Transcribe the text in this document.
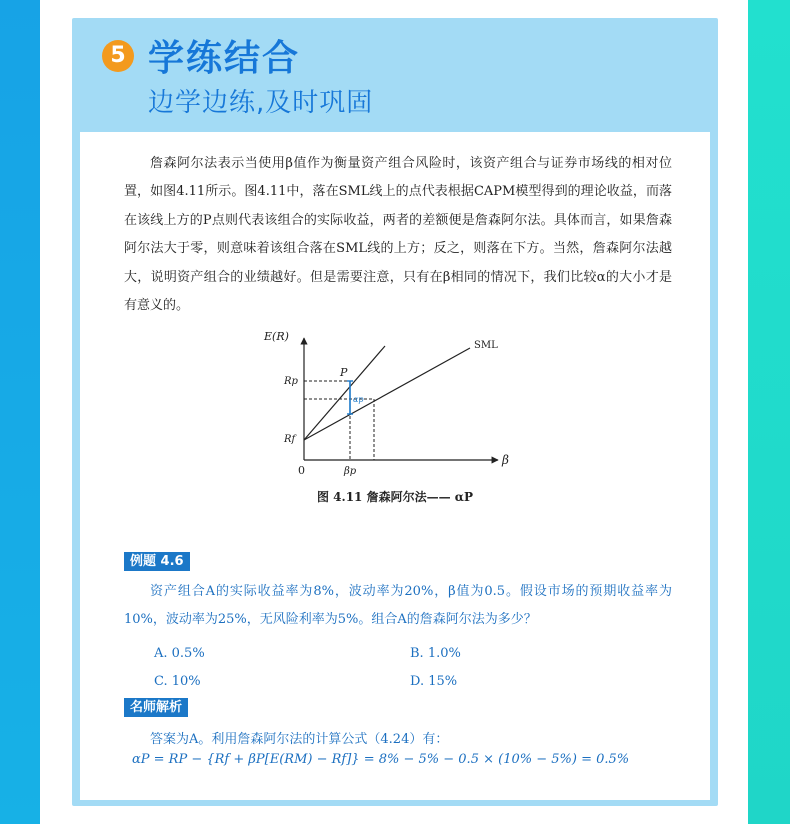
5 学练结合
边学边练,及时巩固

詹森阿尔法表示当使用β值作为衡量资产组合风险时，该资产组合与证券市场线的相对位置，如图4.11所示。图4.11中，落在SML线上的点代表根据CAPM模型得到的理论收益，而落在该线上方的P点则代表该组合的实际收益，两者的差额便是詹森阿尔法。具体而言，如果詹森阿尔法大于零，则意味着该组合落在SML线的上方；反之，则落在下方。当然，詹森阿尔法越大，说明资产组合的业绩越好。但是需要注意，只有在β相同的情况下，我们比较α的大小才是有意义的。

E(R)
β
0
SML
P
Rp
Rf
βp
αp
图 4.11 詹森阿尔法—— αP
例题 4.6

资产组合A的实际收益率为8%，波动率为20%，β值为0.5。假设市场的预期收益率为10%，波动率为25%，无风险利率为5%。组合A的詹森阿尔法为多少？

A. 0.5%	B. 1.0%
C. 10%	D. 15%
名师解析
答案为A。利用詹森阿尔法的计算公式（4.24）有：
αP = RP − {Rf + βP[E(RM) − Rf]} = 8% − 5% − 0.5 × (10% − 5%) = 0.5%
